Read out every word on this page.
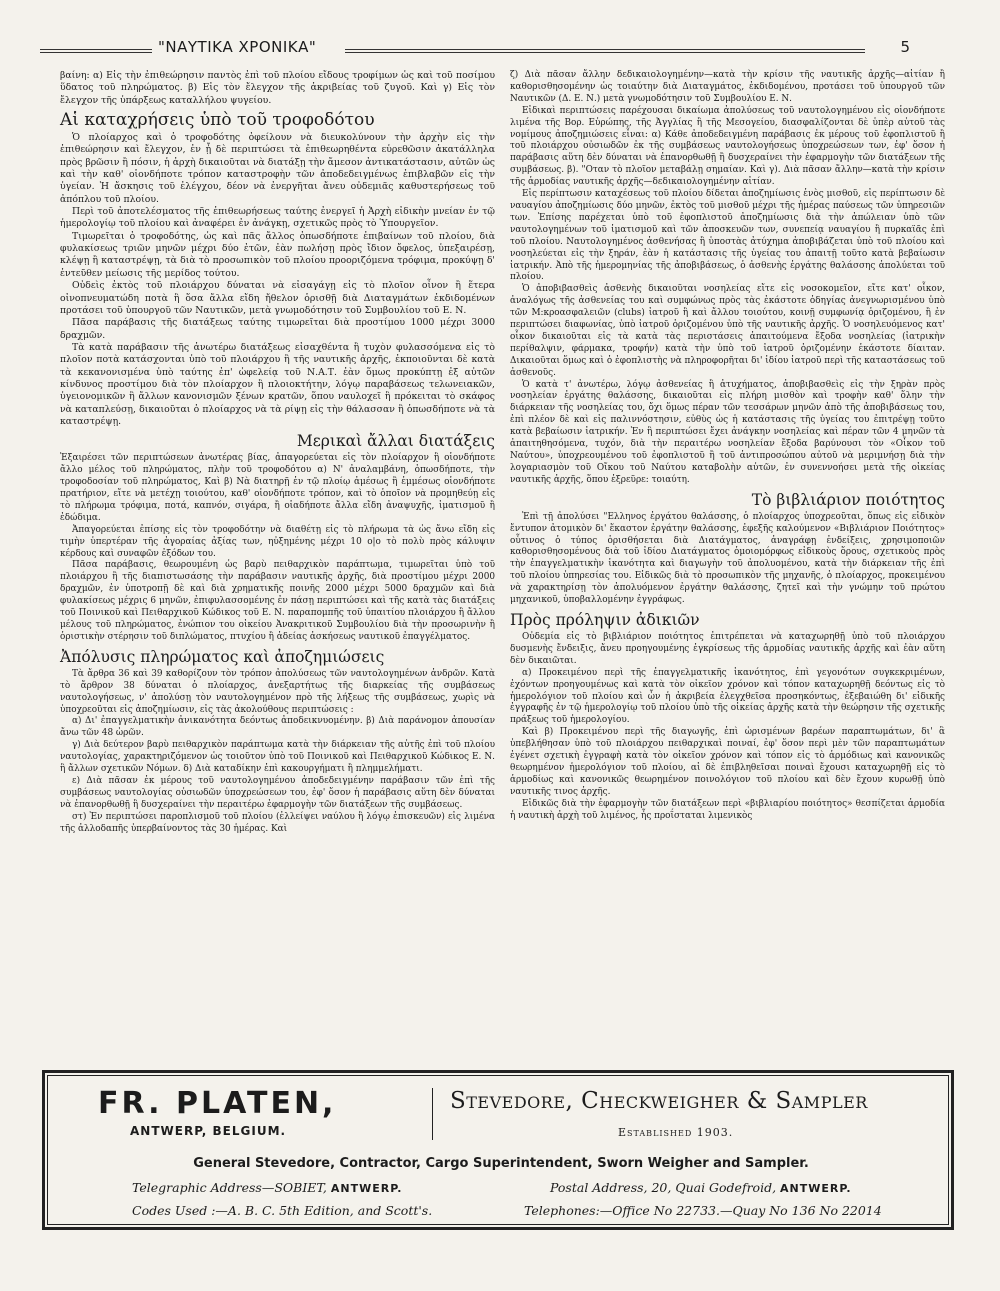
"ΝΑΥΤΙΚΑ ΧΡΟΝΙΚΑ"	5

βαίνη: α) Εἰς τὴν ἐπιθεώρησιν παντὸς ἐπὶ τοῦ πλοίου εἴδους τροφίμων ὡς καὶ τοῦ ποσίμου ὕδατος τοῦ πληρώματος. β) Εἰς τὸν ἔλεγχον τῆς ἀκριβείας τοῦ ζυγοῦ. Καὶ γ) Εἰς τὸν ἔλεγχον τῆς ὑπάρξεως καταλλήλου ψυγείου.

Αἱ καταχρήσεις ὑπὸ τοῦ τροφοδότου

Ὁ πλοίαρχος καὶ ὁ τροφοδότης ὀφείλουν νὰ διευκολύνουν τὴν ἀρχὴν εἰς τὴν ἐπιθεώρησιν καὶ ἔλεγχον, ἐν ᾗ δὲ περιπτώσει τὰ ἐπιθεωρηθέντα εὑρεθῶσιν ἀκατάλληλα πρὸς βρῶσιν ἢ πόσιν, ἡ ἀρχὴ δικαιοῦται νὰ διατάξῃ τὴν ἄμεσον ἀντικατάστασιν, αὐτῶν ὡς καὶ τὴν καθ' οἱονδήποτε τρόπον καταστροφὴν τῶν ἀποδεδειγμένως ἐπιβλαβῶν εἰς τὴν ὑγείαν. Ἡ ἄσκησις τοῦ ἐλέγχου, δέον νὰ ἐνεργῆται ἄνευ οὐδεμιᾶς καθυστερήσεως τοῦ ἀπόπλου τοῦ πλοίου.

Περὶ τοῦ ἀποτελέσματος τῆς ἐπιθεωρήσεως ταύτης ἐνεργεῖ ἡ Ἀρχὴ εἰδικὴν μνείαν ἐν τῷ ἡμερολογίῳ τοῦ πλοίου καὶ ἀναφέρει ἐν ἀνάγκῃ, σχετικῶς πρὸς τὸ Ὑπουργεῖον.

Τιμωρεῖται ὁ τροφοδότης, ὡς καὶ πᾶς ἄλλος ὁπωσδήποτε ἐπιβαίνων τοῦ πλοίου, διὰ φυλακίσεως τριῶν μηνῶν μέχρι δύο ἐτῶν, ἐὰν πωλήσῃ πρὸς ἴδιον ὄφελος, ὑπεξαιρέσῃ, κλέψῃ ἢ καταστρέψῃ, τὰ διὰ τὸ προσωπικὸν τοῦ πλοίου προοριζόμενα τρόφιμα, προκύψῃ δ' ἐντεῦθεν μείωσις τῆς μερίδος τούτου.

Οὐδεὶς ἐκτὸς τοῦ πλοιάρχου δύναται νὰ εἰσαγάγῃ εἰς τὸ πλοῖον οἶνον ἢ ἕτερα οἰνοπνευματώδη ποτὰ ἢ ὅσα ἄλλα εἴδη ἤθελον ὁρισθῇ διὰ Διαταγμάτων ἐκδιδομένων προτάσει τοῦ ὑπουργοῦ τῶν Ναυτικῶν, μετὰ γνωμοδότησιν τοῦ Συμβουλίου τοῦ Ε. Ν.

Πᾶσα παράβασις τῆς διατάξεως ταύτης τιμωρεῖται διὰ προστίμου 1000 μέχρι 3000 δραχμῶν.

Τὰ κατὰ παράβασιν τῆς ἀνωτέρω διατάξεως εἰσαχθέντα ἢ τυχὸν φυλασσόμενα εἰς τὸ πλοῖον ποτὰ κατάσχονται ὑπὸ τοῦ πλοιάρχου ἢ τῆς ναυτικῆς ἀρχῆς, ἐκποιοῦνται δὲ κατὰ τὰ κεκανονισμένα ὑπὸ ταύτης ἐπ' ὠφελείᾳ τοῦ Ν.Α.Τ. ἐὰν ὅμως προκύπτῃ ἐξ αὐτῶν κίνδυνος προστίμου διὰ τὸν πλοίαρχον ἢ πλοιοκτήτην, λόγῳ παραβάσεως τελωνειακῶν, ὑγειονομικῶν ἢ ἄλλων κανονισμῶν ξένων κρατῶν, ὅπου ναυλοχεῖ ἢ πρόκειται τὸ σκάφος νὰ καταπλεύσῃ, δικαιοῦται ὁ πλοίαρχος νὰ τὰ ρίψῃ εἰς τὴν θάλασσαν ἢ ὁπωσδήποτε νὰ τὰ καταστρέψῃ.

Μερικαὶ ἄλλαι διατάξεις

Ἐξαιρέσει τῶν περιπτώσεων ἀνωτέρας βίας, ἀπαγορεύεται εἰς τὸν πλοίαρχον ἢ οἱονδήποτε ἄλλο μέλος τοῦ πληρώματος, πλὴν τοῦ τροφοδότου α) Ν' ἀναλαμβάνη, ὁπωσδήποτε, τὴν τροφοδοσίαν τοῦ πληρώματος, Καὶ β) Νὰ διατηρῇ ἐν τῷ πλοίῳ ἀμέσως ἢ ἐμμέσως οἱονδήποτε πρατήριον, εἴτε νὰ μετέχῃ τοιούτου, καθ' οἱονδήποτε τρόπον, καὶ τὸ ὁποῖον νὰ προμηθεύῃ εἰς τὸ πλήρωμα τρόφιμα, ποτά, καπνόν, σιγάρα, ἢ οἱαδήποτε ἄλλα εἴδη ἀναψυχῆς, ἱματισμοῦ ἢ ἐδώδιμα.

Ἀπαγορεύεται ἐπίσης εἰς τὸν τροφοδότην νὰ διαθέτῃ εἰς τὸ πλήρωμα τὰ ὡς ἄνω εἴδη εἰς τιμὴν ὑπερτέραν τῆς ἀγοραίας ἀξίας των, ηὐξημένης μέχρι 10 ο|ο τὸ πολὺ πρὸς κάλυψιν κέρδους καὶ συναφῶν ἐξόδων του.

Πᾶσα παράβασις, θεωρουμένη ὡς βαρὺ πειθαρχικὸν παράπτωμα, τιμωρεῖται ὑπὸ τοῦ πλοιάρχου ἢ τῆς διαπιστωσάσης τὴν παράβασιν ναυτικῆς ἀρχῆς, διὰ προστίμου μέχρι 2000 δραχμῶν, ἐν ὑποτροπῇ δὲ καὶ διὰ χρηματικῆς ποινῆς 2000 μέχρι 5000 δραχμῶν καὶ διὰ φυλακίσεως μέχρις 6 μηνῶν, ἐπιφυλασσομένης ἐν πάσῃ περιπτώσει καὶ τῆς κατὰ τὰς διατάξεις τοῦ Ποινικοῦ καὶ Πειθαρχικοῦ Κώδικος τοῦ Ε. Ν. παραπομπῆς τοῦ ὑπαιτίου πλοιάρχου ἢ ἄλλου μέλους τοῦ πληρώματος, ἐνώπιον του οἰκείου Ἀνακριτικοῦ Συμβουλίου διὰ τὴν προσωρινὴν ἢ ὁριστικὴν στέρησιν τοῦ διπλώματος, πτυχίου ἢ ἀδείας ἀσκήσεως ναυτικοῦ ἐπαγγέλματος.

Ἀπόλυσις πληρώματος καὶ ἀποζημιώσεις

Τὰ ἄρθρα 36 καὶ 39 καθορίζουν τὸν τρόπον ἀπολύσεως τῶν ναυτολογημένων ἀνδρῶν. Κατὰ τὸ ἄρθρον 38 δύναται ὁ πλοίαρχος, ἀνεξαρτήτως τῆς διαρκείας τῆς συμβάσεως ναυτολογήσεως, ν' ἀπολύσῃ τὸν ναυτολογημένον πρὸ τῆς λήξεως τῆς συμβάσεως, χωρὶς νὰ ὑποχρεοῦται εἰς ἀποζημίωσιν, εἰς τὰς ἀκολούθους περιπτώσεις :

α) Δι' ἐπαγγελματικὴν ἀνικανότητα δεόντως ἀποδεικνυομένην. β) Διὰ παράνομον ἀπουσίαν ἄνω τῶν 48 ὡρῶν.

γ) Διὰ δεύτερον βαρὺ πειθαρχικὸν παράπτωμα κατὰ τὴν διάρκειαν τῆς αὐτῆς ἐπὶ τοῦ πλοίου ναυτολογίας, χαρακτηριζόμενον ὡς τοιοῦτον ὑπὸ τοῦ Ποινικοῦ καὶ Πειθαρχικοῦ Κώδικος Ε. Ν. ἢ ἄλλων σχετικῶν Νόμων. δ) Διὰ καταδίκην ἐπὶ κακουργήματι ἢ πλημμελήματι.

ε) Διὰ πᾶσαν ἐκ μέρους τοῦ ναυτολογημένου ἀποδεδειγμένην παράβασιν τῶν ἐπὶ τῆς συμβάσεως ναυτολογίας οὐσιωδῶν ὑποχρεώσεων του, ἐφ' ὅσον ἡ παράβασις αὕτη δὲν δύναται νὰ ἐπανορθωθῇ ἢ δυσχεραίνει τὴν περαιτέρω ἐφαρμογὴν τῶν διατάξεων τῆς συμβάσεως.

στ) Ἐν περιπτώσει παροπλισμοῦ τοῦ πλοίου (ἐλλείψει ναύλου ἢ λόγῳ ἐπισκευῶν) εἰς λιμένα τῆς ἀλλοδαπῆς ὑπερβαίνοντος τὰς 30 ἡμέρας. Καὶ

ζ) Διὰ πᾶσαν ἄλλην δεδικαιολογημένην—κατὰ τὴν κρίσιν τῆς ναυτικῆς ἀρχῆς—αἰτίαν ἢ καθορισθησομένην ὡς τοιαύτην διὰ Διαταγμάτος, ἐκδιδομένου, προτάσει τοῦ ὑπουργοῦ τῶν Ναυτικῶν (Δ. Ε. Ν.) μετὰ γνωμοδότησιν τοῦ Συμβουλίου Ε. Ν.

Εἰδικαὶ περιπτώσεις παρέχουσαι δικαίωμα ἀπολύσεως τοῦ ναυτολογημένου εἰς οἱονδήποτε λιμένα τῆς Βορ. Εὐρώπης, τῆς Ἀγγλίας ἢ τῆς Μεσογείου, διασφαλίζονται δὲ ὑπὲρ αὐτοῦ τὰς νομίμους ἀποζημιώσεις εἶναι: α) Κάθε ἀποδεδειγμένη παράβασις ἐκ μέρους τοῦ ἐφοπλιστοῦ ἢ τοῦ πλοιάρχου οὐσιωδῶν ἐκ τῆς συμβάσεως ναυτολογήσεως ὑποχρεώσεων των, ἐφ' ὅσον ἡ παράβασις αὕτη δὲν δύναται νὰ ἐπανορθωθῇ ἢ δυσχεραίνει τὴν ἐφαρμογὴν τῶν διατάξεων τῆς συμβάσεως. β). "Οταν τὸ πλοῖον μεταβάλῃ σημαίαν. Καὶ γ). Διὰ πᾶσαν ἄλλην—κατὰ τὴν κρίσιν τῆς ἁρμοδίας ναυτικῆς ἀρχῆς—δεδικαιολογημένην αἰτίαν.

Εἰς περίπτωσιν καταχέσεως τοῦ πλοίου δίδεται ἀποζημίωσις ἑνὸς μισθοῦ, εἰς περίπτωσιν δὲ ναυαγίου ἀποζημίωσις δύο μηνῶν, ἐκτὸς τοῦ μισθοῦ μέχρι τῆς ἡμέρας παύσεως τῶν ὑπηρεσιῶν των. Ἐπίσης παρέχεται ὑπὸ τοῦ ἐφοπλιστοῦ ἀποζημίωσις διὰ τὴν ἀπώλειαν ὑπὸ τῶν ναυτολογημένων τοῦ ἱματισμοῦ καὶ τῶν ἀποσκευῶν των, συνεπείᾳ ναυαγίου ἢ πυρκαϊᾶς ἐπὶ τοῦ πλοίου. Ναυτολογημένος ἀσθενήσας ἢ ὑποστὰς ἀτύχημα ἀποβιβάζεται ὑπὸ τοῦ πλοίου καὶ νοσηλεύεται εἰς τὴν ξηράν, ἐὰν ἡ κατάστασις τῆς ὑγείας του ἀπαιτῇ τοῦτο κατὰ βεβαίωσιν ἰατρικήν. Ἀπὸ τῆς ἡμερομηνίας τῆς ἀποβιβάσεως, ὁ ἀσθενὴς ἐργάτης θαλάσσης ἀπολύεται τοῦ πλοίου.

Ὁ ἀποβιβασθεὶς ἀσθενὴς δικαιοῦται νοσηλείας εἴτε εἰς νοσοκομεῖον, εἴτε κατ' οἶκον, ἀναλόγως τῆς ἀσθενείας του καὶ συμφώνως πρὸς τὰς ἑκάστοτε ὁδηγίας ἀνεγνωρισμένου ὑπὸ τῶν Μ:κροασφαλειῶν (clubs) ἰατροῦ ἢ καὶ ἄλλου τοιούτου, κοινῇ συμφωνίᾳ ὁριζομένου, ἢ ἐν περιπτώσει διαφωνίας, ὑπὸ ἰατροῦ ὁριζομένου ὑπὸ τῆς ναυτικῆς ἀρχῆς. Ὁ νοσηλευόμενος κατ' οἶκον δικαιοῦται εἰς τὰ κατὰ τὰς περιστάσεις ἀπαιτούμενα ἔξοδα νοσηλείας (ἰατρικὴν περίθαλψιν, φάρμακα, τροφήν) κατὰ τὴν ὑπὸ τοῦ ἰατροῦ ὁριζομένην ἑκάστοτε δίαιταν. Δικαιοῦται ὅμως καὶ ὁ ἐφοπλιστὴς νὰ πληροφορῆται δι' ἰδίου ἰατροῦ περὶ τῆς καταστάσεως τοῦ ἀσθενοῦς.

Ὁ κατὰ τ' ἀνωτέρω, λόγῳ ἀσθενείας ἢ ἀτυχήματος, ἀποβιβασθεὶς εἰς τὴν ξηρὰν πρὸς νοσηλείαν ἐργάτης θαλάσσης, δικαιοῦται εἰς πλήρη μισθὸν καὶ τροφὴν καθ' ὅλην τὴν διάρκειαν τῆς νοσηλείας του, ὄχι ὅμως πέραν τῶν τεσσάρων μηνῶν ἀπὸ τῆς ἀποβιβάσεως του, ἐπὶ πλέον δὲ καὶ εἰς παλιννόστησιν, εὐθὺς ὡς ἡ κατάστασις τῆς ὑγείας του ἐπιτρέψῃ τοῦτο κατὰ βεβαίωσιν ἰατρικήν. Ἐν ἣ περιπτώσει ἔχει ἀνάγκην νοσηλείας καὶ πέραν τῶν 4 μηνῶν τὰ ἀπαιτηθησόμενα, τυχόν, διὰ τὴν περαιτέρω νοσηλείαν ἔξοδα βαρύνουσι τὸν «Οἶκον τοῦ Ναύτου», ὑποχρεουμένου τοῦ ἐφοπλιστοῦ ἢ τοῦ ἀντιπροσώπου αὐτοῦ νὰ μεριμνήσῃ διὰ τὴν λογαριασμὸν τοῦ Οἴκου τοῦ Ναύτου καταβολὴν αὐτῶν, ἐν συνεννοήσει μετὰ τῆς οἰκείας ναυτικῆς ἀρχῆς, ὅπου ἐξρεῦρε: τοιαύτη.

Τὸ βιβλιάριον ποιότητος

Ἐπὶ τῇ ἀπολύσει "Ελληνος ἐργάτου θαλάσσης, ὁ πλοίαρχος ὑποχρεοῦται, ὅπως εἰς εἰδικὸν ἔντυπον ἀτομικὸν δι' ἕκαστον ἐργάτην θαλάσσης, ἐφεξῆς καλούμενον «Βιβλιάριον Ποιότητος» οὗτινος ὁ τύπος ὁρισθήσεται διὰ Διατάγματος, ἀναγράφῃ ἐνδείξεις, χρησιμοποιῶν καθορισθησομένους διὰ τοῦ ἰδίου Διατάγματος ὁμοιομόρφως εἰδικοὺς ὅρους, σχετικοὺς πρὸς τὴν ἐπαγγελματικὴν ἱκανότητα καὶ διαγωγὴν τοῦ ἀπολυομένου, κατὰ τὴν διάρκειαν τῆς ἐπὶ τοῦ πλοίου ὑπηρεσίας του. Εἰδικῶς διὰ τὸ προσωπικὸν τῆς μηχανῆς, ὁ πλοίαρχος, προκειμένου νὰ χαρακτηρίσῃ τὸν ἀπολυόμενον ἐργάτην θαλάσσης, ζητεῖ καὶ τὴν γνώμην τοῦ πρώτου μηχανικοῦ, ὑποβαλλομένην ἐγγράφως.

Πρὸς πρόληψιν ἀδικιῶν

Οὐδεμία εἰς τὸ βιβλιάριον ποιότητος ἐπιτρέπεται νὰ καταχωρηθῇ ὑπὸ τοῦ πλοιάρχου δυσμενὴς ἔνδειξις, ἄνευ προηγουμένης ἐγκρίσεως τῆς ἁρμοδίας ναυτικῆς ἀρχῆς καὶ ἐὰν αὕτη δὲν δικαιῶται.

α) Προκειμένου περὶ τῆς ἐπαγγελματικῆς ἱκανότητος, ἐπὶ γεγονότων συγκεκριμένων, ἐχόντων προηγουμένως καὶ κατὰ τὸν οἰκεῖον χρόνον καὶ τόπον καταχωρηθῇ δεόντως εἰς τὸ ἡμερολόγιον τοῦ πλοίου καὶ ὧν ἡ ἀκριβεία ἐλεγχθεῖσα προσηκόντως, ἐξεβαιώθη δι' εἰδικῆς ἐγγραφῆς ἐν τῷ ἡμερολογίῳ τοῦ πλοίου ὑπὸ τῆς οἰκείας ἀρχῆς κατὰ τὴν θεώρησιν τῆς σχετικῆς πράξεως τοῦ ἡμερολογίου.

Καὶ β) Προκειμένου περὶ τῆς διαγωγῆς, ἐπὶ ὡρισμένων βαρέων παραπτωμάτων, δι' ἃ ὑπεβλήθησαν ὑπὸ τοῦ πλοιάρχου πειθαρχικαὶ ποιναί, ἐφ' ὅσον περὶ μὲν τῶν παραπτωμάτων ἐγένετ σχετικὴ ἐγγραφὴ κατὰ τὸν οἰκεῖον χρόνον καὶ τόπον εἰς τὸ ἁρμόδιως καὶ κανονικῶς θεωρημένον ἡμερολόγιον τοῦ πλοίου, αἱ δὲ ἐπιβληθεῖσαι ποιναὶ ἔχουσι καταχωρηθῇ εἰς τὸ ἁρμοδίως καὶ κανονικῶς θεωρημένον ποινολόγιον τοῦ πλοίου καὶ δὲν ἔχουν κυρωθῇ ὑπὸ ναυτικῆς τινος ἀρχῆς.

Εἰδικῶς διὰ τὴν ἐφαρμογὴν τῶν διατάξεων περὶ «βιβλιαρίου ποιότητος» θεσπίζεται ἁρμοδία ἡ ναυτικὴ ἀρχὴ τοῦ λιμένος, ἧς προΐσταται λιμενικὸς

FR. PLATEN,
ANTWERP, BELGIUM.
Stevedore, Checkweigher & Sampler
Established 1903.
General Stevedore, Contractor, Cargo Superintendent, Sworn Weigher and Sampler.
Telegraphic Address—SOBIET, ANTWERP.
Codes Used :—A. B. C. 5th Edition, and Scott's.
Postal Address, 20, Quai Godefroid, ANTWERP.
Telephones:—Office No 22733.—Quay No 136 No 22014
